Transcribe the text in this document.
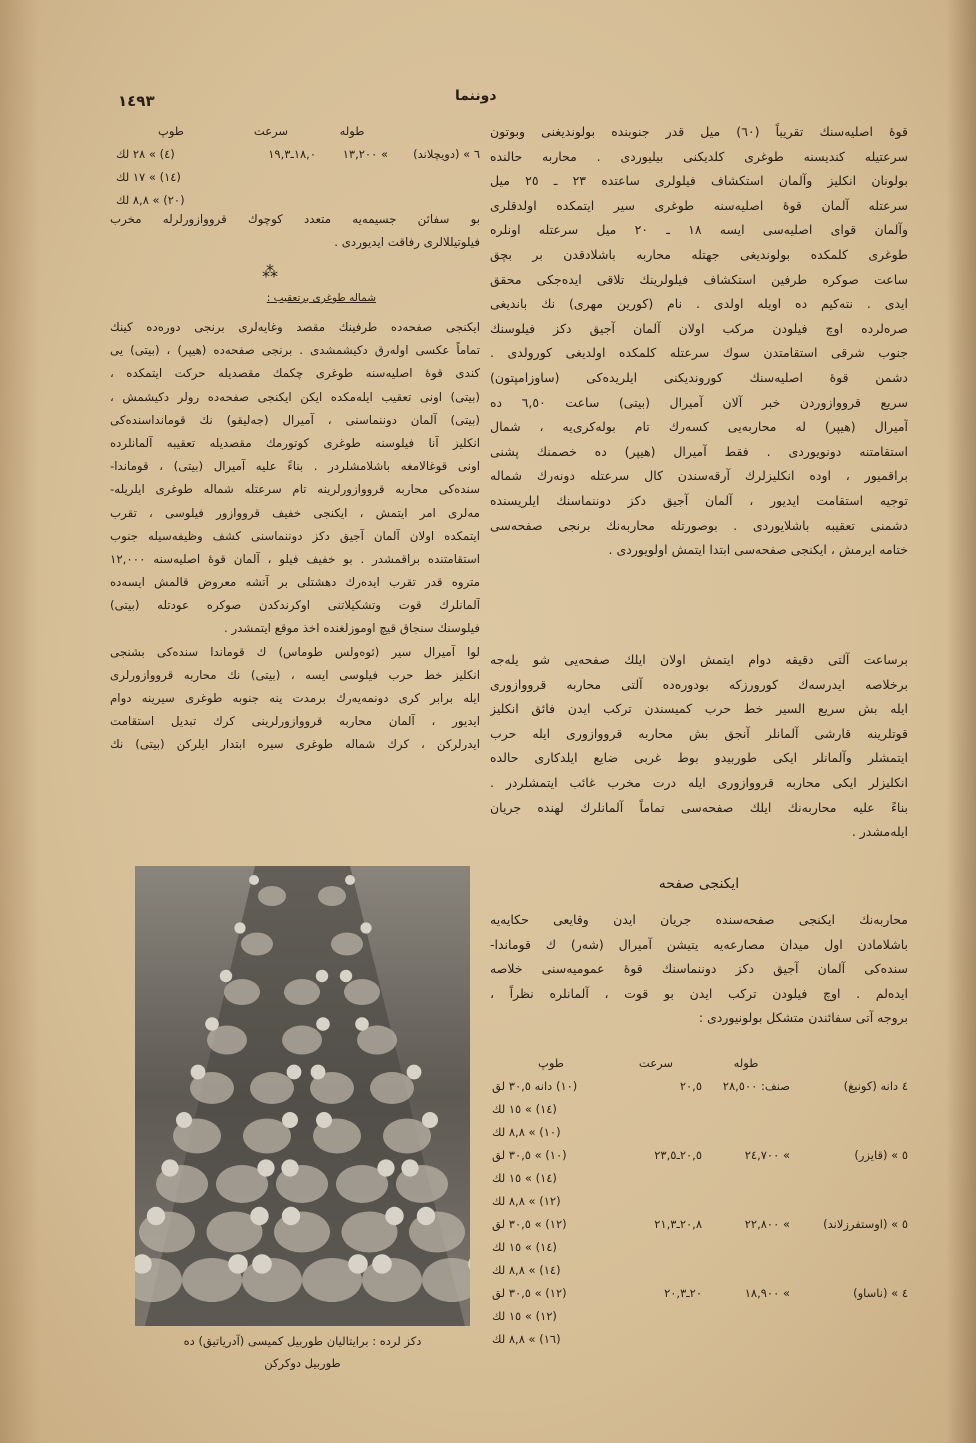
١٤٩٣	دوننما
طوله
سرعت
طوپ
٦ » (دویچلاند)
» ١٣,٢٠٠
١٨,٠ـ١٩,٣
(٤) » ٢٨ لك
(١٤) » ١٧ لك
(٢٠) » ٨,٨ لك
بو سفائن جسیمه‌یه متعدد کوچوك قرووازورلرله مخرب
فیلوتیللالری رفاقت ایدیوردی .
⁂
شماله طوغری برتعقیب :
ایکنجی صفحه‌ده طرفینك مقصد وغایه‌لری برنجی دوره‌ده کینك
تماماً عکسی اوله‌رق دکیشمشدی . برنجی صفحه‌ده (هیپر) ، (بیتی) یی
کندی قوهٔ اصلیه‌سنه طوغری چکمك مقصدیله حرکت ایتمکده ،
(بیتی) اونی تعقیب ایله‌مکده ایکن ایکنجی صفحه‌ده رولر دکیشمش ،
(بیتی) آلمان دوننماسنی ، آمیرال (جه‌لیقو) نك قومانداسنده‌کی
انکلیز آنا فیلوسنه طوغری کوتورمك مقصدیله تعقیبه آلمانلرده
اونی قوغالامغه باشلامشلردر . بناءً علیه آمیرال (بیتی) ، قوماندا-
سنده‌کی محاربه قرووازورلرینه تام سرعتله شماله طوغری ایلریله-
مه‌لری امر ایتمش ، ایکنجی خفیف قرووازور فیلوسی ، تقرب
ایتمکده اولان آلمان آجیق دکز دوننماسنی کشف وظیفه‌سیله جنوب
استقامتنده براقمشدر . بو خفیف فیلو ، آلمان قوهٔ اصلیه‌سنه ١٢,٠٠٠
متروه قدر تقرب ایده‌رك دهشتلی بر آتشه معروض قالمش ایسه‌ده
آلمانلرك قوت وتشکیلاتنی اوکرندکدن صوکره عودتله (بیتی)
فیلوسنك سنجاق قیچ اوموزلغنده اخذ موقع ایتمشدر .
لوا آمیرال سیر (ئوه‌ولس طوماس) ك قوماندا سنده‌کی بشنجی
انکلیز خط حرب فیلوسی ایسه ، (بیتی) نك محاربه قرووازورلری
ایله برابر کری دونمه‌یه‌رك برمدت ینه جنوبه طوغری سیرینه دوام
ایدیور ، آلمان محاربه قرووازورلرینی کرك تبدیل استقامت
ایدرلرکن ، کرك شماله طوغری سیره ابتدار ایلرکن (بیتی) نك
دکز لرده : برایتالیان طوربیل کمیسی (آدریاتیق) ده
طوربیل دوکرکن
قوهٔ اصلیه‌سنك تقریباً (٦٠) میل قدر جنوبنده بولوندیغنی وبوتون
سرعتیله کندیسنه طوغری کلدیکنی بیلیوردی . محاربه حالنده
بولونان انکلیز وآلمان استکشاف فیلولری ساعتده ٢٣ ـ ٢٥ میل
سرعتله آلمان قوهٔ اصلیه‌سنه طوغری سیر ایتمکده اولدقلری
وآلمان قوای اصلیه‌سی ایسه ١٨ ـ ٢٠ میل سرعتله اونلره
طوغری کلمکده بولوندیغی جهتله محاربه باشلادقدن بر بچق
ساعت صوکره طرفین استکشاف فیلولرینك تلاقی ایده‌جکی محقق
ایدی . نته‌کیم ده اویله اولدی . نام (کورین مهری) نك باندیغی
صره‌لرده اوچ فیلودن مرکب اولان آلمان آجیق دکز فیلوسنك
جنوب شرقی استقامتدن سوك سرعتله کلمکده اولدیغی کورولدی .
دشمن قوهٔ اصلیه‌سنك کوروندیکنی ایلریده‌کی (ساوزامپتون)
سریع قرووازوردن خبر آلان آمیرال (بیتی) ساعت ٦,٥٠ ده
آمیرال (هیپر) له محاربه‌یی کسه‌رك تام بوله‌کری‌یه ، شمال
استقامتنه دونویوردی . فقط آمیرال (هیپر) ده خصمنك پشنی
براقمیور ، اوده انکلیزلرك آرقه‌سندن کال سرعتله دونه‌رك شماله
توجیه استقامت ایدیور ، آلمان آجیق دکز دوننماسنك ایلریسنده
دشمنی تعقیبه باشلایوردی . بوصورتله محاربه‌نك برنجی صفحه‌سی
ختامه ایرمش ، ایکنجی صفحه‌سی ابتدا ایتمش اولویوردی .
برساعت آلتی دقیقه دوام ایتمش اولان ایلك صفحه‌یی شو یله‌جه
برخلاصه ایدرسه‌ك کورورزکه بودوره‌ده آلتی محاربه قرووازوری
ایله بش سریع السیر خط حرب کمیسندن ترکب ایدن فائق انکلیز
قوتلرینه قارشی آلمانلر آنجق بش محاربه قرووازوری ایله حرب
ایتمشلر وآلمانلر ایکی طوربیدو بوط غربی ضایع ایلدکاری حالده
انکلیزلر ایکی محاربه قرووازوری ایله درت مخرب غائب ایتمشلردر .
بناءً علیه محاربه‌نك ایلك صفحه‌سی تماماً آلمانلرك لهنده جریان
ایله‌مشدر .
ایکنجی صفحه
محاربه‌نك ایکنجی صفحه‌سنده جریان ایدن وقایعی حکایه‌یه
باشلامادن اول میدان مصارعه‌یه یتیشن آمیرال (شه‌ر) ك قوماندا-
سنده‌کی آلمان آجیق دکز دوننماسنك قوهٔ عمومیه‌سنی خلاصه
ایده‌لم . اوچ فیلودن ترکب ایدن بو قوت ، آلمانلره نظراً ،
بروجه آتی سفائندن متشکل بولونیوردی :
طوله
سرعت
طوپ
٤ دانه (کونیغ)
صنف: ٢٨,٥٠٠
٢٠,٥
(١٠) دانه ٣٠,٥ لق
(١٤) » ١٥ لك
(١٠) » ٨,٨ لك
٥ » (قایزر)
» ٢٤,٧٠٠
٢٠,٥ـ٢٣,٥
(١٠) » ٣٠,٥ لق
(١٤) » ١٥ لك
(١٢) » ٨,٨ لك
٥ » (اوستفرزلاند)
» ٢٢,٨٠٠
٢٠,٨ـ٢١,٣
(١٢) » ٣٠,٥ لق
(١٤) » ١٥ لك
(١٤) » ٨,٨ لك
٤ » (ناساو)
» ١٨,٩٠٠
٢٠ـ٢٠,٣
(١٢) » ٣٠,٥ لق
(١٢) » ١٥ لك
(١٦) » ٨,٨ لك
